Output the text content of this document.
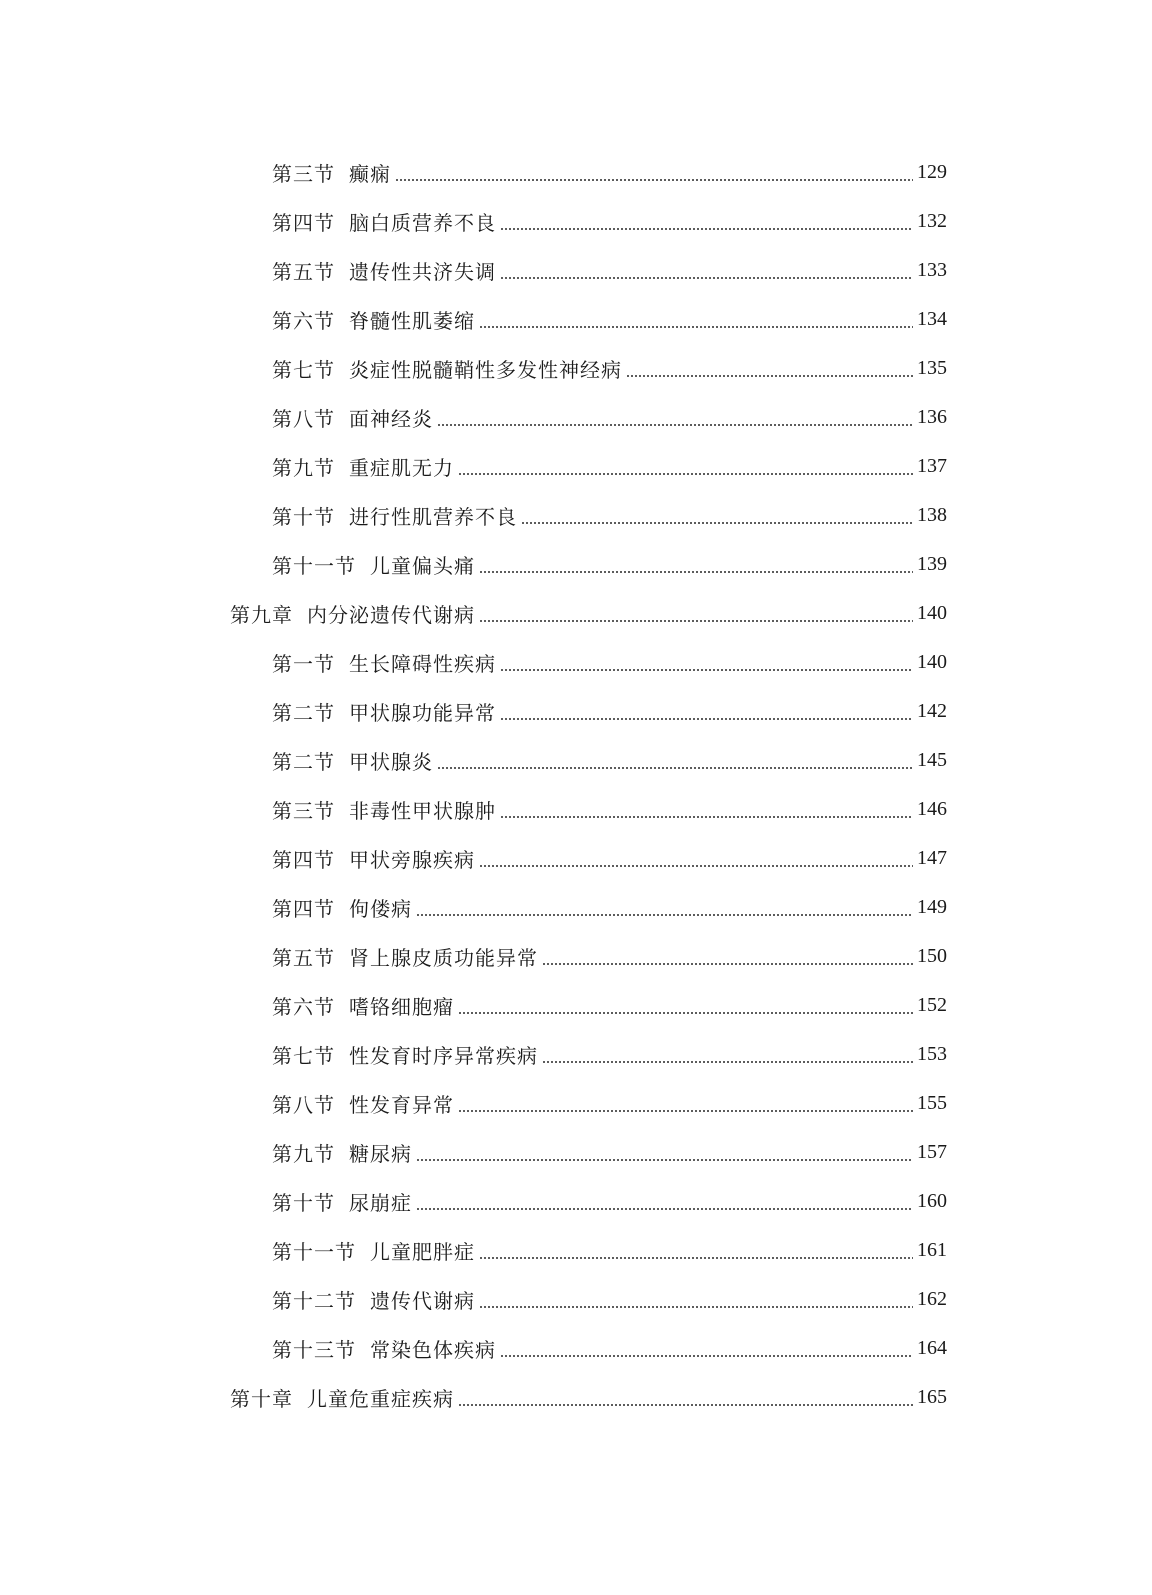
第三节 癫痫	129
第四节 脑白质营养不良	132
第五节 遗传性共济失调	133
第六节 脊髓性肌萎缩	134
第七节 炎症性脱髓鞘性多发性神经病	135
第八节 面神经炎	136
第九节 重症肌无力	137
第十节 进行性肌营养不良	138
第十一节 儿童偏头痛	139
第九章 内分泌遗传代谢病	140
第一节 生长障碍性疾病	140
第二节 甲状腺功能异常	142
第二节 甲状腺炎	145
第三节 非毒性甲状腺肿	146
第四节 甲状旁腺疾病	147
第四节 佝偻病	149
第五节 肾上腺皮质功能异常	150
第六节 嗜铬细胞瘤	152
第七节 性发育时序异常疾病	153
第八节 性发育异常	155
第九节 糖尿病	157
第十节 尿崩症	160
第十一节 儿童肥胖症	161
第十二节 遗传代谢病	162
第十三节 常染色体疾病	164
第十章 儿童危重症疾病	165
